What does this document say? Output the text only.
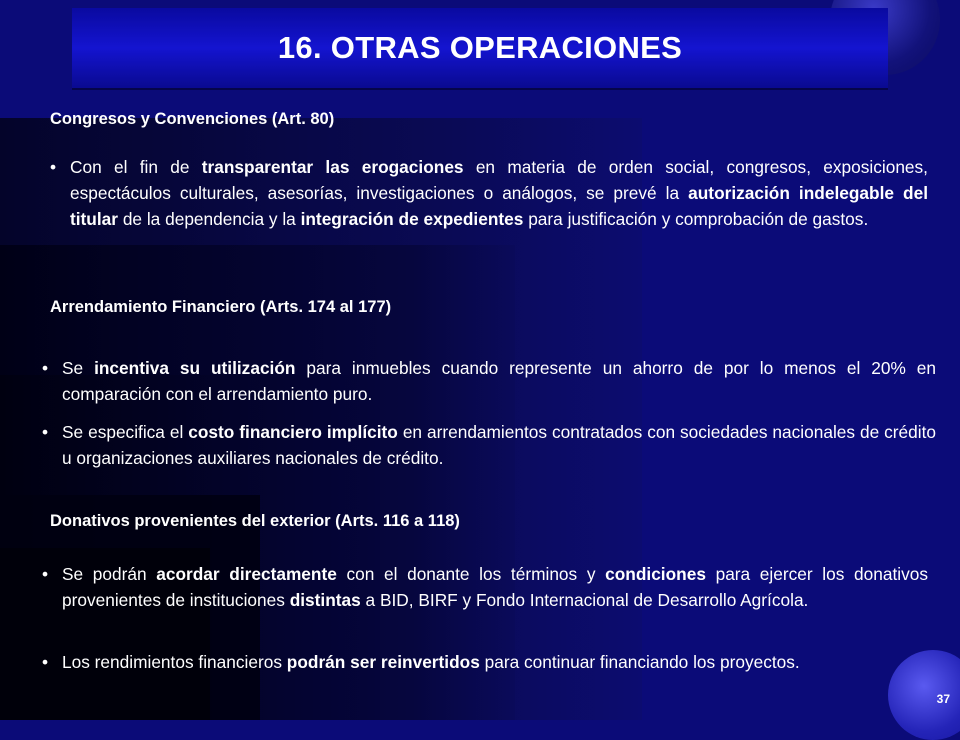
16. OTRAS OPERACIONES
Congresos y Convenciones (Art. 80)
• Con el fin de transparentar las erogaciones en materia de orden social, congresos, exposiciones, espectáculos culturales, asesorías, investigaciones o análogos, se prevé la autorización indelegable del titular de la dependencia y la integración de expedientes para justificación y comprobación de gastos.
Arrendamiento Financiero (Arts. 174 al 177)
• Se incentiva su utilización para inmuebles cuando represente un ahorro de por lo menos el 20% en comparación con el arrendamiento puro.
• Se especifica el costo financiero implícito en arrendamientos contratados con sociedades nacionales de crédito u organizaciones auxiliares nacionales de crédito.
Donativos provenientes del exterior (Arts. 116 a 118)
• Se podrán acordar directamente con el donante los términos y condiciones para ejercer los donativos provenientes de instituciones distintas a BID, BIRF y Fondo Internacional de Desarrollo Agrícola.
• Los rendimientos financieros podrán ser reinvertidos para continuar financiando los proyectos.
37
